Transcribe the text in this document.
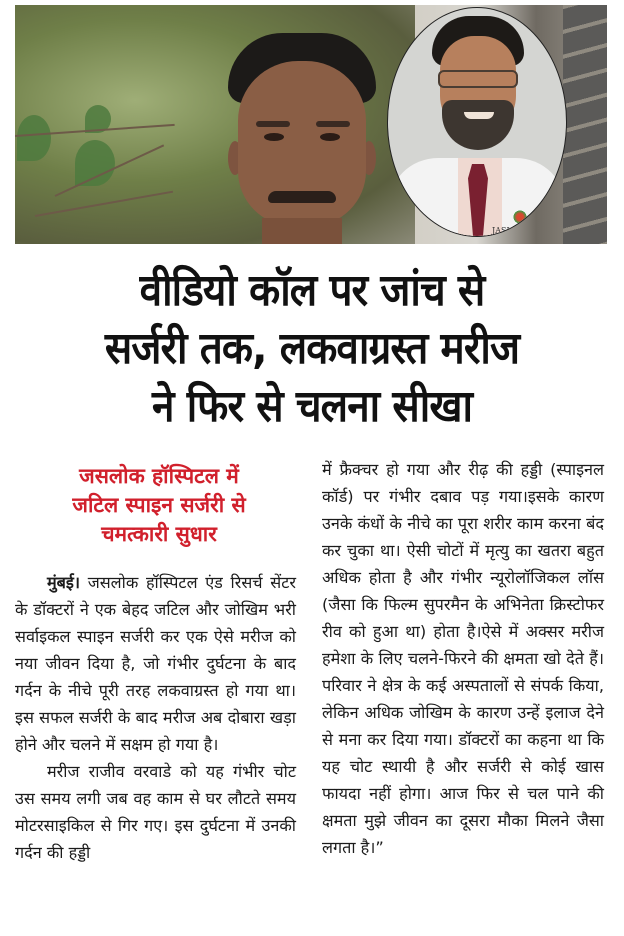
JASLOK
वीडियो कॉल पर जांच से
सर्जरी तक, लकवाग्रस्त मरीज
ने फिर से चलना सीखा
जसलोक हॉस्पिटल में
जटिल स्पाइन सर्जरी से
चमत्कारी सुधार

मुंबई। जसलोक हॉस्पिटल एंड रिसर्च सेंटर के डॉक्टरों ने एक बेहद जटिल और जोखिम भरी सर्वाइकल स्पाइन सर्जरी कर एक ऐसे मरीज को नया जीवन दिया है, जो गंभीर दुर्घटना के बाद गर्दन के नीचे पूरी तरह लकवाग्रस्त हो गया था। इस सफल सर्जरी के बाद मरीज अब दोबारा खड़ा होने और चलने में सक्षम हो गया है।

मरीज राजीव वरवाडे को यह गंभीर चोट उस समय लगी जब वह काम से घर लौटते समय मोटरसाइकिल से गिर गए। इस दुर्घटना में उनकी गर्दन की हड्डी

में फ्रैक्चर हो गया और रीढ़ की हड्डी (स्पाइनल कॉर्ड) पर गंभीर दबाव पड़ गया।इसके कारण उनके कंधों के नीचे का पूरा शरीर काम करना बंद कर चुका था। ऐसी चोटों में मृत्यु का खतरा बहुत अधिक होता है और गंभीर न्यूरोलॉजिकल लॉस (जैसा कि फिल्म सुपरमैन के अभिनेता क्रिस्टोफर रीव को हुआ था) होता है।ऐसे में अक्सर मरीज हमेशा के लिए चलने-फिरने की क्षमता खो देते हैं।परिवार ने क्षेत्र के कई अस्पतालों से संपर्क किया, लेकिन अधिक जोखिम के कारण उन्हें इलाज देने से मना कर दिया गया। डॉक्टरों का कहना था कि यह चोट स्थायी है और सर्जरी से कोई खास फायदा नहीं होगा। आज फिर से चल पाने की क्षमता मुझे जीवन का दूसरा मौका मिलने जैसा लगता है।”
